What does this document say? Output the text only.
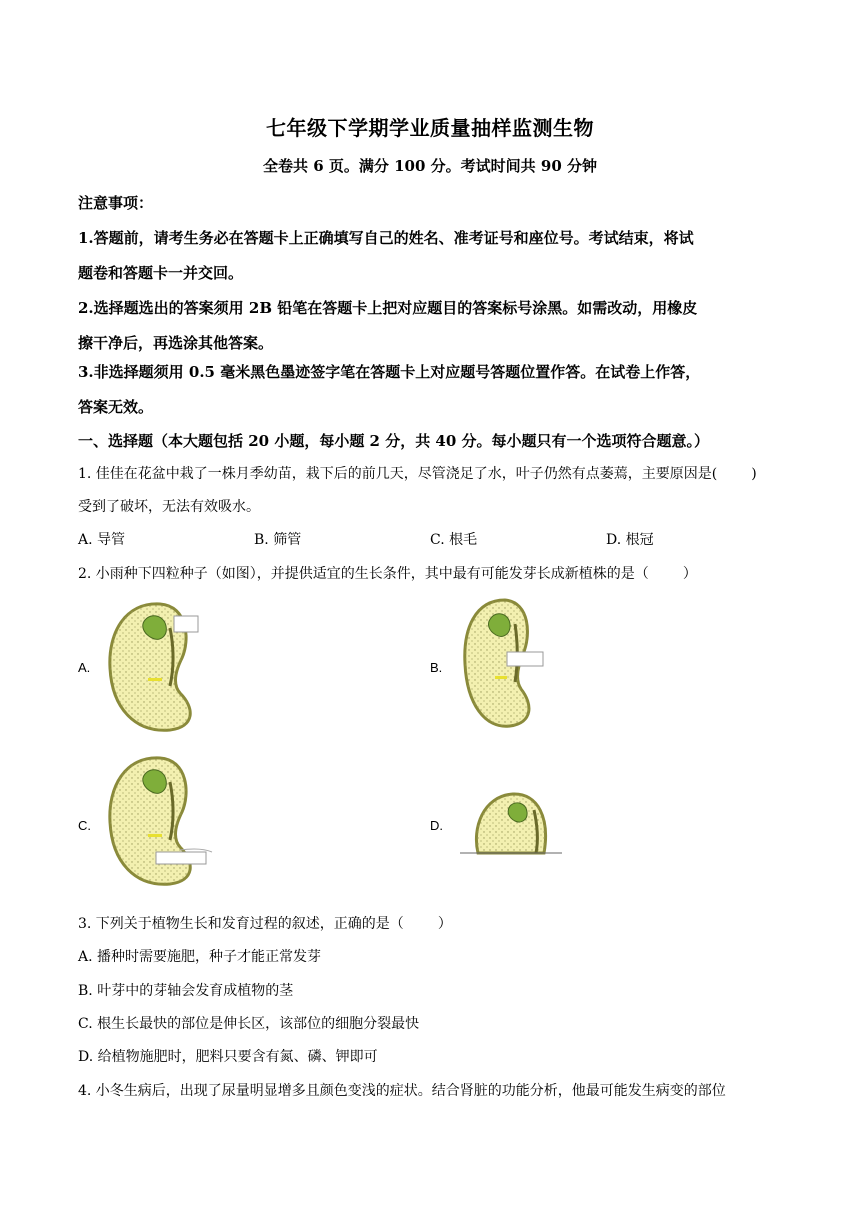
七年级下学期学业质量抽样监测生物
全卷共 6 页。满分 100 分。考试时间共 90 分钟
注意事项：
1.答题前，请考生务必在答题卡上正确填写自己的姓名、准考证号和座位号。考试结束，将试
题卷和答题卡一并交回。
2.选择题选出的答案须用 2B 铅笔在答题卡上把对应题目的答案标号涂黑。如需改动，用橡皮
擦干净后，再选涂其他答案。
3.非选择题须用 0.5 毫米黑色墨迹签字笔在答题卡上对应题号答题位置作答。在试卷上作答，
答案无效。
一、选择题（本大题包括 20 小题，每小题 2 分，共 40 分。每小题只有一个选项符合题意。）
1. 佳佳在花盆中栽了一株月季幼苗，栽下后的前几天，尽管浇足了水，叶子仍然有点萎蔫，主要原因是( )
受到了破坏，无法有效吸水。
A. 导管	B. 筛管	C. 根毛	D. 根冠
2. 小雨种下四粒种子（如图），并提供适宜的生长条件，其中最有可能发芽长成新植株的是（ ）
A.	B.
C.	D.
3. 下列关于植物生长和发育过程的叙述，正确的是（ ）
A. 播种时需要施肥，种子才能正常发芽
B. 叶芽中的芽轴会发育成植物的茎
C. 根生长最快的部位是伸长区，该部位的细胞分裂最快
D. 给植物施肥时，肥料只要含有氮、磷、钾即可
4. 小冬生病后，出现了尿量明显增多且颜色变浅的症状。结合肾脏的功能分析，他最可能发生病变的部位
